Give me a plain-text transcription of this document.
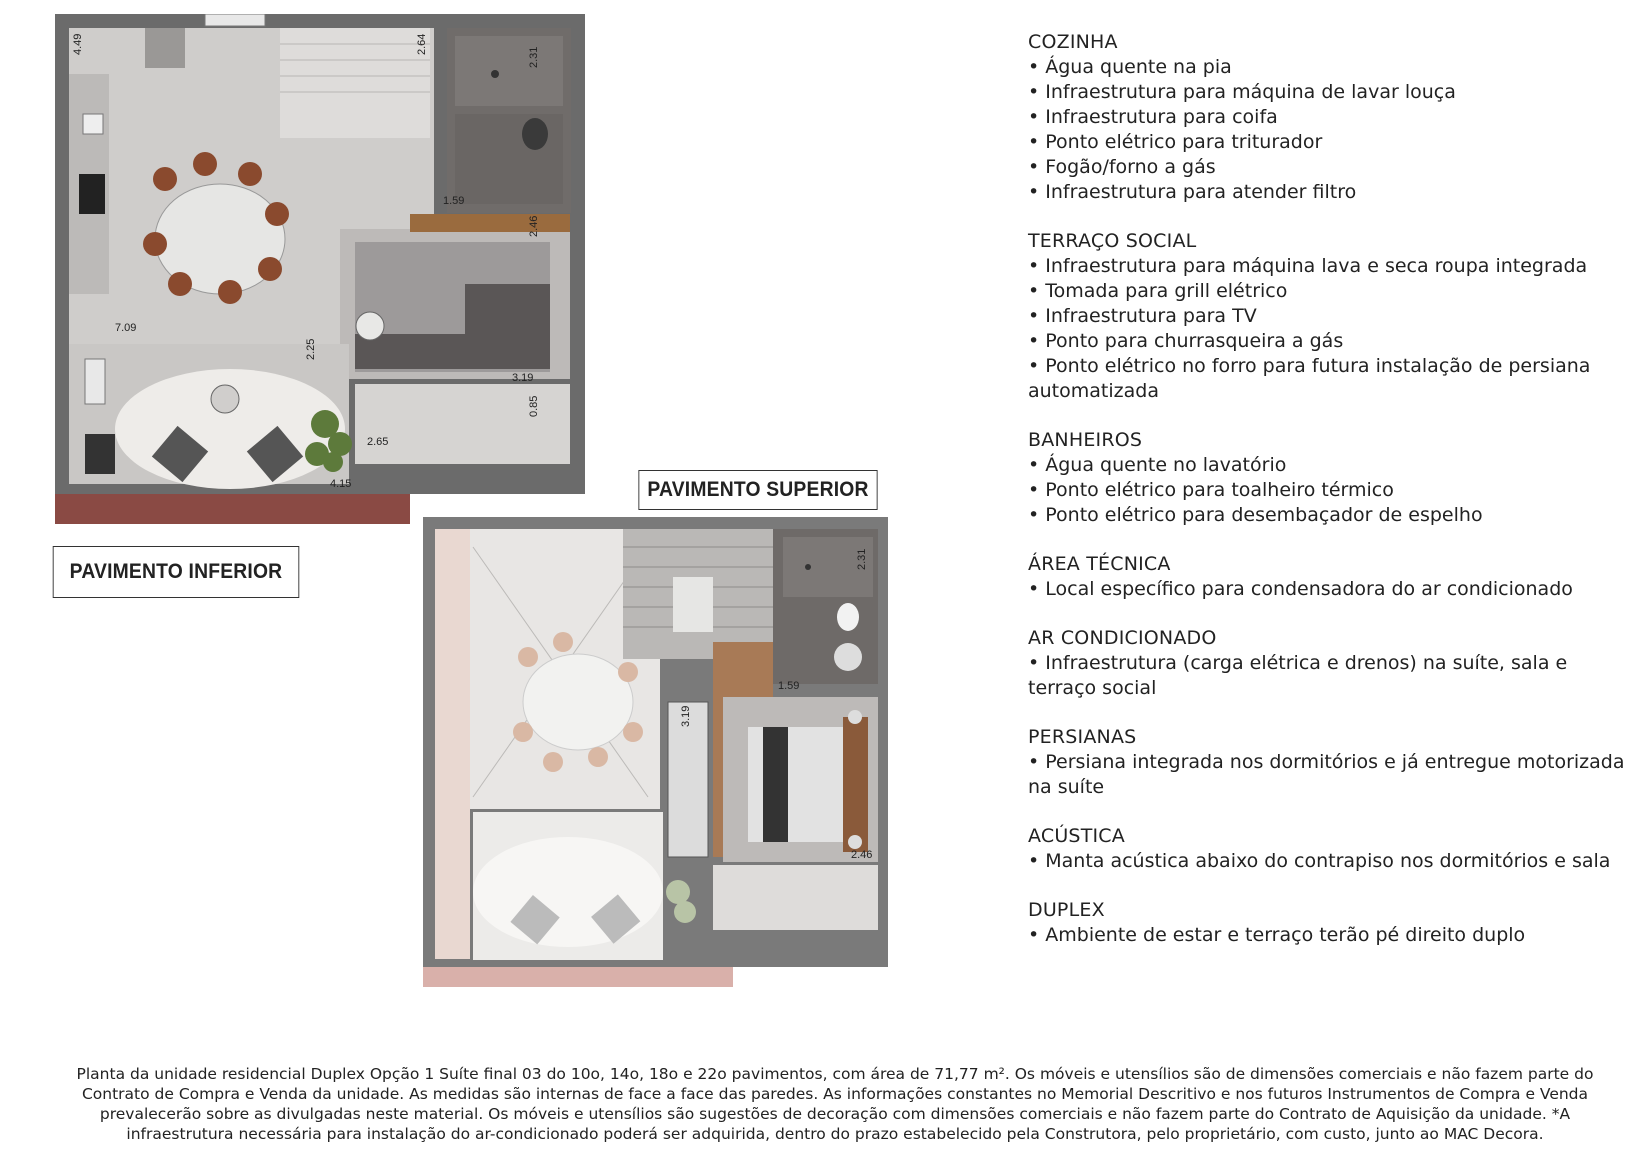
4.49	2.64
2.31
1.59
2.46
7.09
2.25
3.19
0.85
2.65
4.15
PAVIMENTO INFERIOR
PAVIMENTO SUPERIOR
2.31
1.59
3.19
2.46
COZINHA
• Água quente na pia
• Infraestrutura para máquina de lavar louça
• Infraestrutura para coifa
• Ponto elétrico para triturador
• Fogão/forno a gás
• Infraestrutura para atender filtro
TERRAÇO SOCIAL
• Infraestrutura para máquina lava e seca roupa integrada
• Tomada para grill elétrico
• Infraestrutura para TV
• Ponto para churrasqueira a gás
• Ponto elétrico no forro para futura instalação de persiana automatizada
BANHEIROS
• Água quente no lavatório
• Ponto elétrico para toalheiro térmico
• Ponto elétrico para desembaçador de espelho
ÁREA TÉCNICA
• Local específico para condensadora do ar condicionado
AR CONDICIONADO
• Infraestrutura (carga elétrica e drenos) na suíte, sala e terraço social
PERSIANAS
• Persiana integrada nos dormitórios e já entregue motorizada na suíte
ACÚSTICA
• Manta acústica abaixo do contrapiso nos dormitórios e sala
DUPLEX
• Ambiente de estar e terraço terão pé direito duplo
Planta da unidade residencial Duplex Opção 1 Suíte final 03 do 10o, 14o, 18o e 22o pavimentos, com área de 71,77 m². Os móveis e utensílios são de dimensões comerciais e não fazem parte do Contrato de Compra e Venda da unidade. As medidas são internas de face a face das paredes. As informações constantes no Memorial Descritivo e nos futuros Instrumentos de Compra e Venda prevalecerão sobre as divulgadas neste material. Os móveis e utensílios são sugestões de decoração com dimensões comerciais e não fazem parte do Contrato de Aquisição da unidade. *A infraestrutura necessária para instalação do ar-condicionado poderá ser adquirida, dentro do prazo estabelecido pela Construtora, pelo proprietário, com custo, junto ao MAC Decora.
